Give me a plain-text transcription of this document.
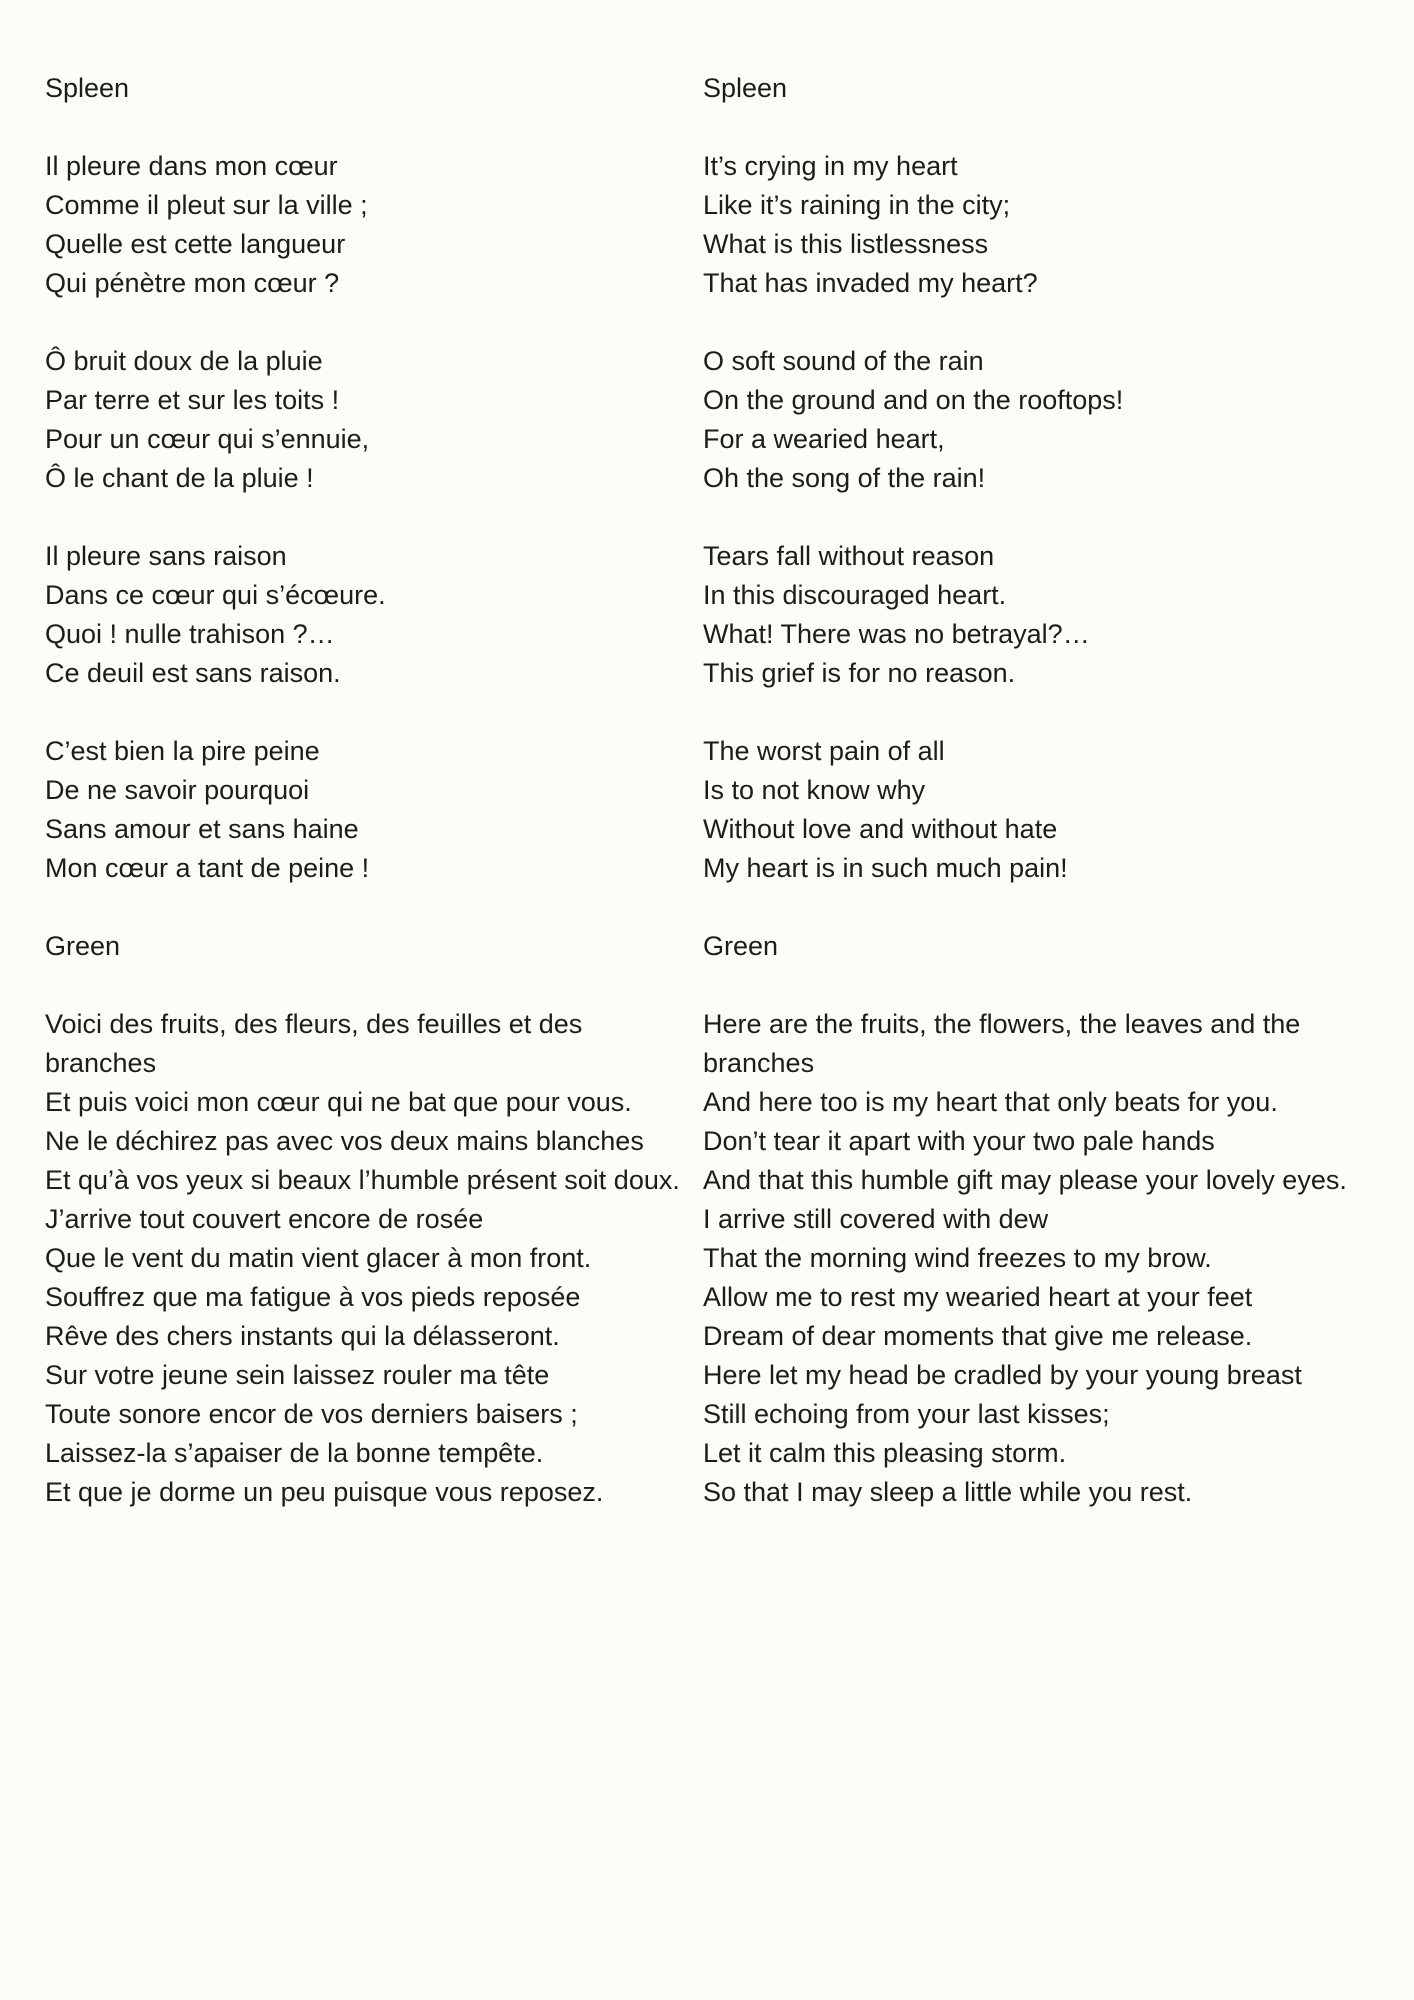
Spleen
Il pleure dans mon cœur
Comme il pleut sur la ville ;
Quelle est cette langueur
Qui pénètre mon cœur ?
Ô bruit doux de la pluie
Par terre et sur les toits !
Pour un cœur qui s’ennuie,
Ô le chant de la pluie !
Il pleure sans raison
Dans ce cœur qui s’écœure.
Quoi ! nulle trahison ?…
Ce deuil est sans raison.
C’est bien la pire peine
De ne savoir pourquoi
Sans amour et sans haine
Mon cœur a tant de peine !
Green
Voici des fruits, des fleurs, des feuilles et des branches
Et puis voici mon cœur qui ne bat que pour vous.
Ne le déchirez pas avec vos deux mains blanches
Et qu’à vos yeux si beaux l’humble présent soit doux.
J’arrive tout couvert encore de rosée
Que le vent du matin vient glacer à mon front.
Souffrez que ma fatigue à vos pieds reposée
Rêve des chers instants qui la délasseront.
Sur votre jeune sein laissez rouler ma tête
Toute sonore encor de vos derniers baisers ;
Laissez-la s’apaiser de la bonne tempête.
Et que je dorme un peu puisque vous reposez.
Spleen
It’s crying in my heart
Like it’s raining in the city;
What is this listlessness
That has invaded my heart?
O soft sound of the rain
On the ground and on the rooftops!
For a wearied heart,
Oh the song of the rain!
Tears fall without reason
In this discouraged heart.
What! There was no betrayal?…
This grief is for no reason.
The worst pain of all
Is to not know why
Without love and without hate
My heart is in such much pain!
Green
Here are the fruits, the flowers, the leaves and the branches
And here too is my heart that only beats for you.
Don’t tear it apart with your two pale hands
And that this humble gift may please your lovely eyes.
I arrive still covered with dew
That the morning wind freezes to my brow.
Allow me to rest my wearied heart at your feet
Dream of dear moments that give me release.
Here let my head be cradled by your young breast
Still echoing from your last kisses;
Let it calm this pleasing storm.
So that I may sleep a little while you rest.
